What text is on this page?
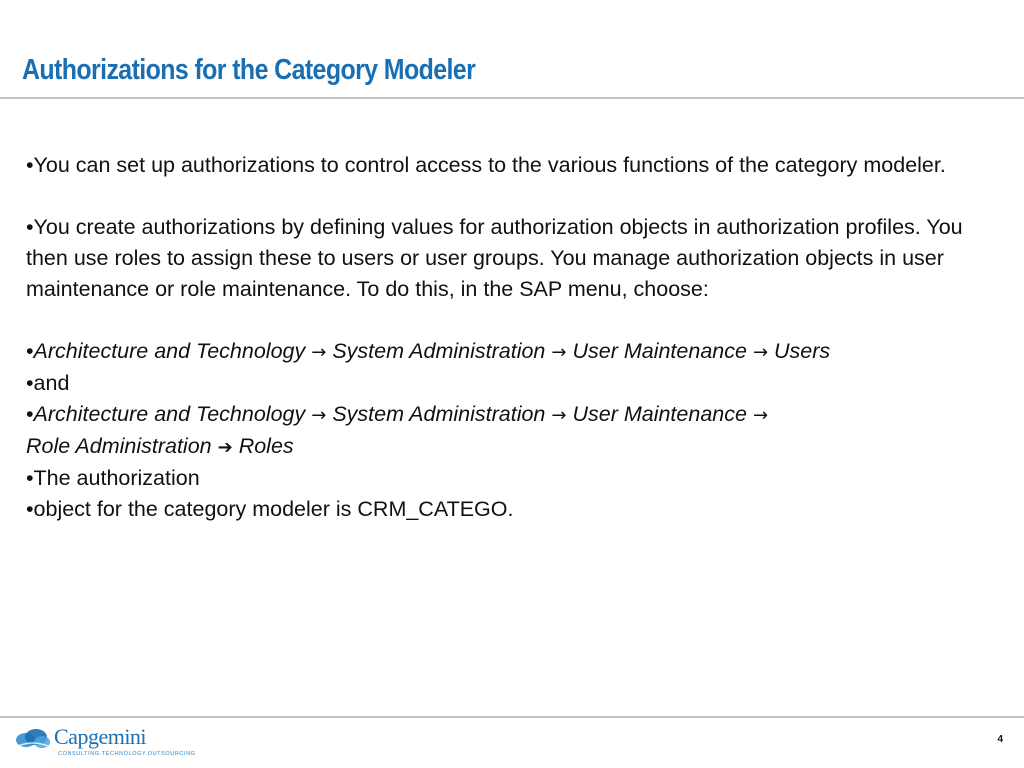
Authorizations for the Category Modeler

•You can set up authorizations to control access to the various functions of the category modeler.

•You create authorizations by defining values for authorization objects in authorization profiles. You then use roles to assign these to users or user groups. You manage authorization objects in user maintenance or role maintenance. To do this, in the SAP menu, choose:

•Architecture and Technology → System Administration → User Maintenance → Users

•and

•Architecture and Technology → System Administration → User Maintenance →
Role Administration ➔ Roles

•The authorization

•object for the category modeler is CRM_CATEGO.

Capgemini
CONSULTING.TECHNOLOGY.OUTSOURCING
4
